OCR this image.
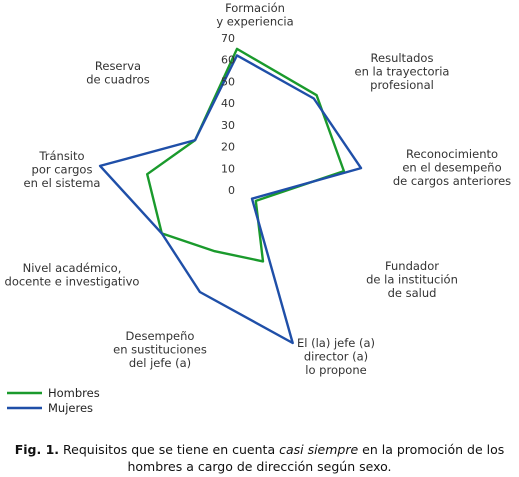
0
10
20
30
40
50
60
70
Formación y experiencia
Resultados en la trayectoria profesional
Reconocimiento en el desempeño de cargos anteriores
Fundador de la institución de salud
El (la) jefe (a) director (a) lo propone
Desempeño en sustituciones del jefe (a)
Nivel académico, docente e investigativo
Tránsito por cargos en el sistema
Reserva de cuadros
Hombres
Mujeres
Fig. 1. Requisitos que se tiene en cuenta casi siempre en la promoción de los hombres a cargo de dirección según sexo.
